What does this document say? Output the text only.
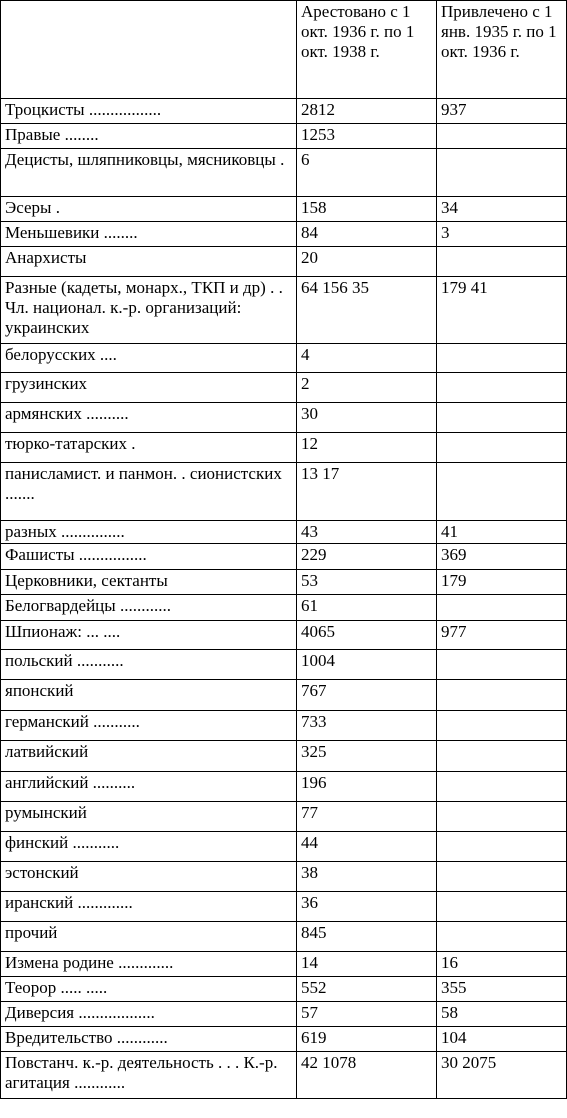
	Арестовано с 1 окт. 1936 г. по 1 окт. 1938 г.	Привлечено с 1 янв. 1935 г. по 1 окт. 1936 г.
Троцкисты .................	2812	937
Правые ........	1253	
Децисты, шляпниковцы, мясниковцы .	6	
Эсеры .	158	34
Меньшевики ........	84	3
Анархисты	20	
Разные (кадеты, монарх., ТКП и др) . . Чл. национал. к.-р. организаций: украинских	64 156 35	179 41
белорусских ....	4	
грузинских	2	
армянских ..........	30	
тюрко-татарских .	12	
панисламист. и панмон. . сионистских .......	13 17	
разных ...............	43	41
Фашисты ................	229	369
Церковники, сектанты	53	179
Белогвардейцы ............	61	
Шпионаж: ... ....	4065	977
польский ...........	1004	
японский	767	
германский ...........	733	
латвийский	325	
английский ..........	196	
румынский	77	
финский ...........	44	
эстонский	38	
иранский .............	36	
прочий	845	
Измена родине .............	14	16
Теорор ..... .....	552	355
Диверсия ..................	57	58
Вредительство ............	619	104
Повстанч. к.-р. деятельность . . . К.-р. агитация ............	42 1078	30 2075
